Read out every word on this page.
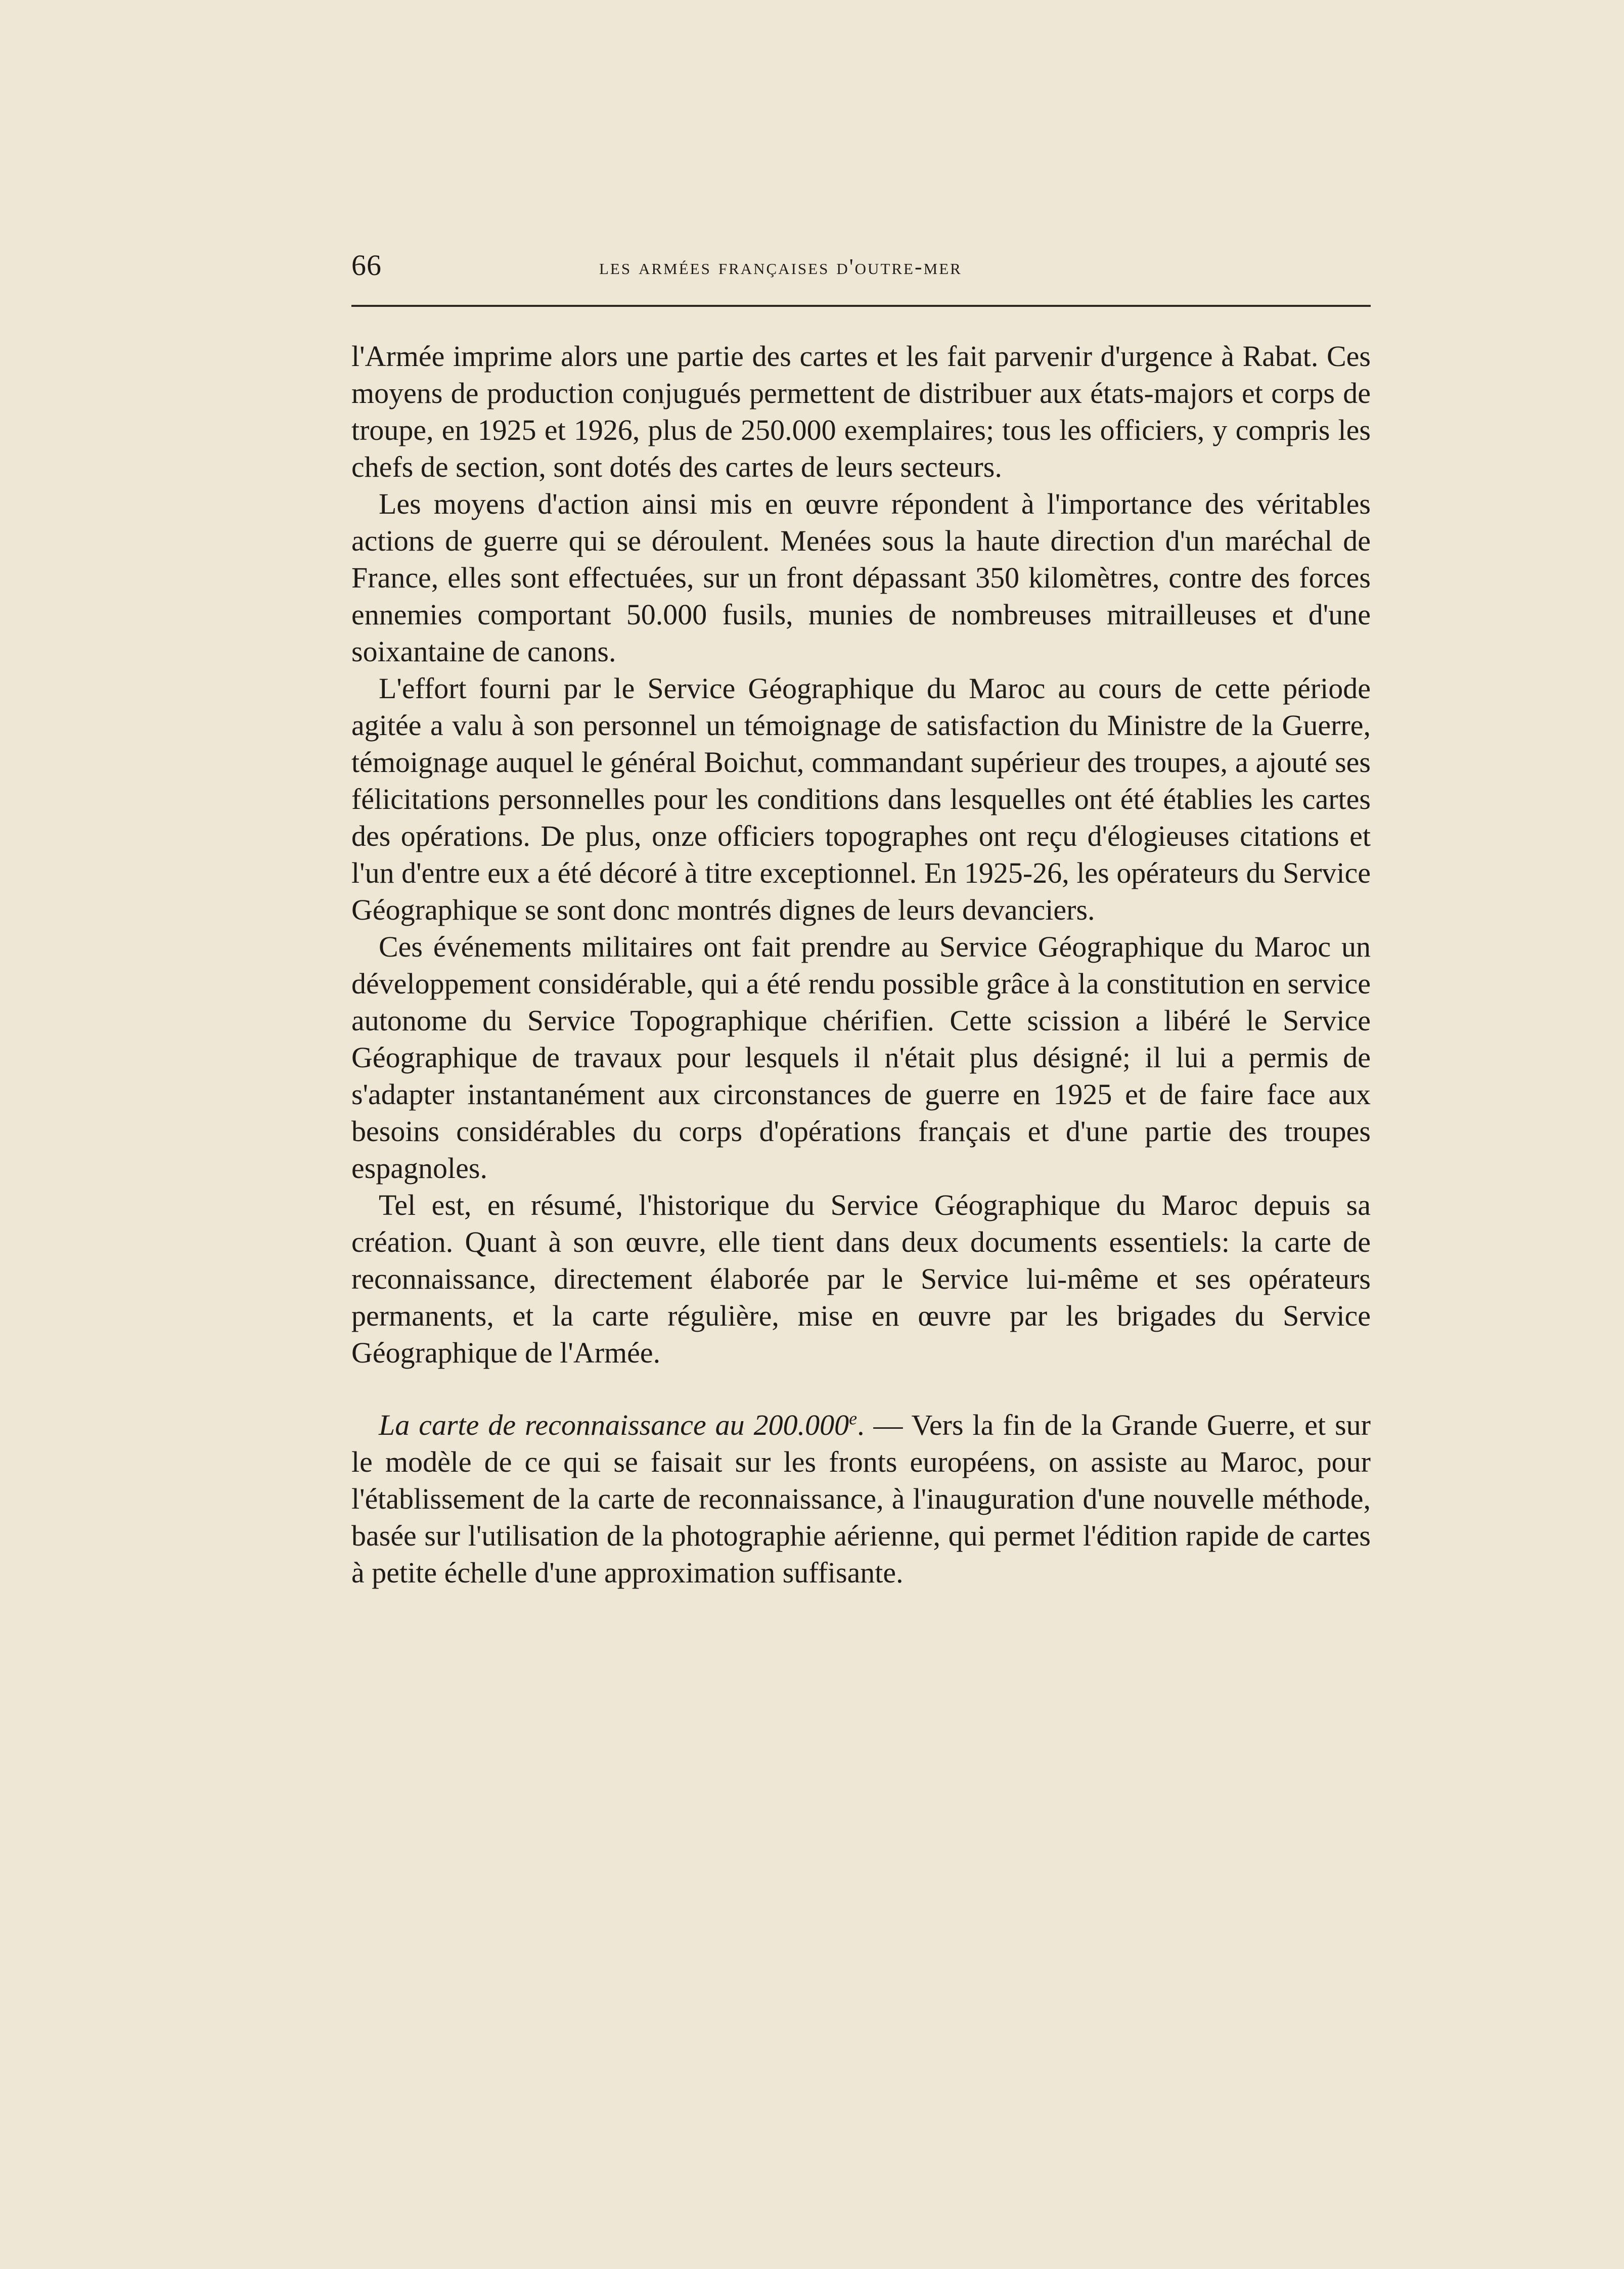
66	les armées françaises d'outre-mer

l'Armée imprime alors une partie des cartes et les fait parvenir d'urgence à Rabat. Ces moyens de production conjugués permettent de distribuer aux états-majors et corps de troupe, en 1925 et 1926, plus de 250.000 exemplaires; tous les officiers, y compris les chefs de section, sont dotés des cartes de leurs secteurs.

Les moyens d'action ainsi mis en œuvre répondent à l'importance des véritables actions de guerre qui se déroulent. Menées sous la haute direction d'un maréchal de France, elles sont effectuées, sur un front dépassant 350 kilomètres, contre des forces ennemies comportant 50.000 fusils, munies de nombreuses mitrailleuses et d'une soixantaine de canons.

L'effort fourni par le Service Géographique du Maroc au cours de cette période agitée a valu à son personnel un témoignage de satisfaction du Ministre de la Guerre, témoignage auquel le général Boichut, commandant supérieur des troupes, a ajouté ses félicitations personnelles pour les conditions dans lesquelles ont été établies les cartes des opérations. De plus, onze officiers topographes ont reçu d'élogieuses citations et l'un d'entre eux a été décoré à titre exceptionnel. En 1925-26, les opérateurs du Service Géographique se sont donc montrés dignes de leurs devanciers.

Ces événements militaires ont fait prendre au Service Géographique du Maroc un développement considérable, qui a été rendu possible grâce à la constitution en service autonome du Service Topographique chérifien. Cette scission a libéré le Service Géographique de travaux pour lesquels il n'était plus désigné; il lui a permis de s'adapter instantanément aux circonstances de guerre en 1925 et de faire face aux besoins considérables du corps d'opérations français et d'une partie des troupes espagnoles.

Tel est, en résumé, l'historique du Service Géographique du Maroc depuis sa création. Quant à son œuvre, elle tient dans deux documents essentiels: la carte de reconnaissance, directement élaborée par le Service lui-même et ses opérateurs permanents, et la carte régulière, mise en œuvre par les brigades du Service Géographique de l'Armée.

La carte de reconnaissance au 200.000e. — Vers la fin de la Grande Guerre, et sur le modèle de ce qui se faisait sur les fronts européens, on assiste au Maroc, pour l'établissement de la carte de reconnaissance, à l'inauguration d'une nouvelle méthode, basée sur l'utilisation de la photographie aérienne, qui permet l'édition rapide de cartes à petite échelle d'une approximation suffisante.
